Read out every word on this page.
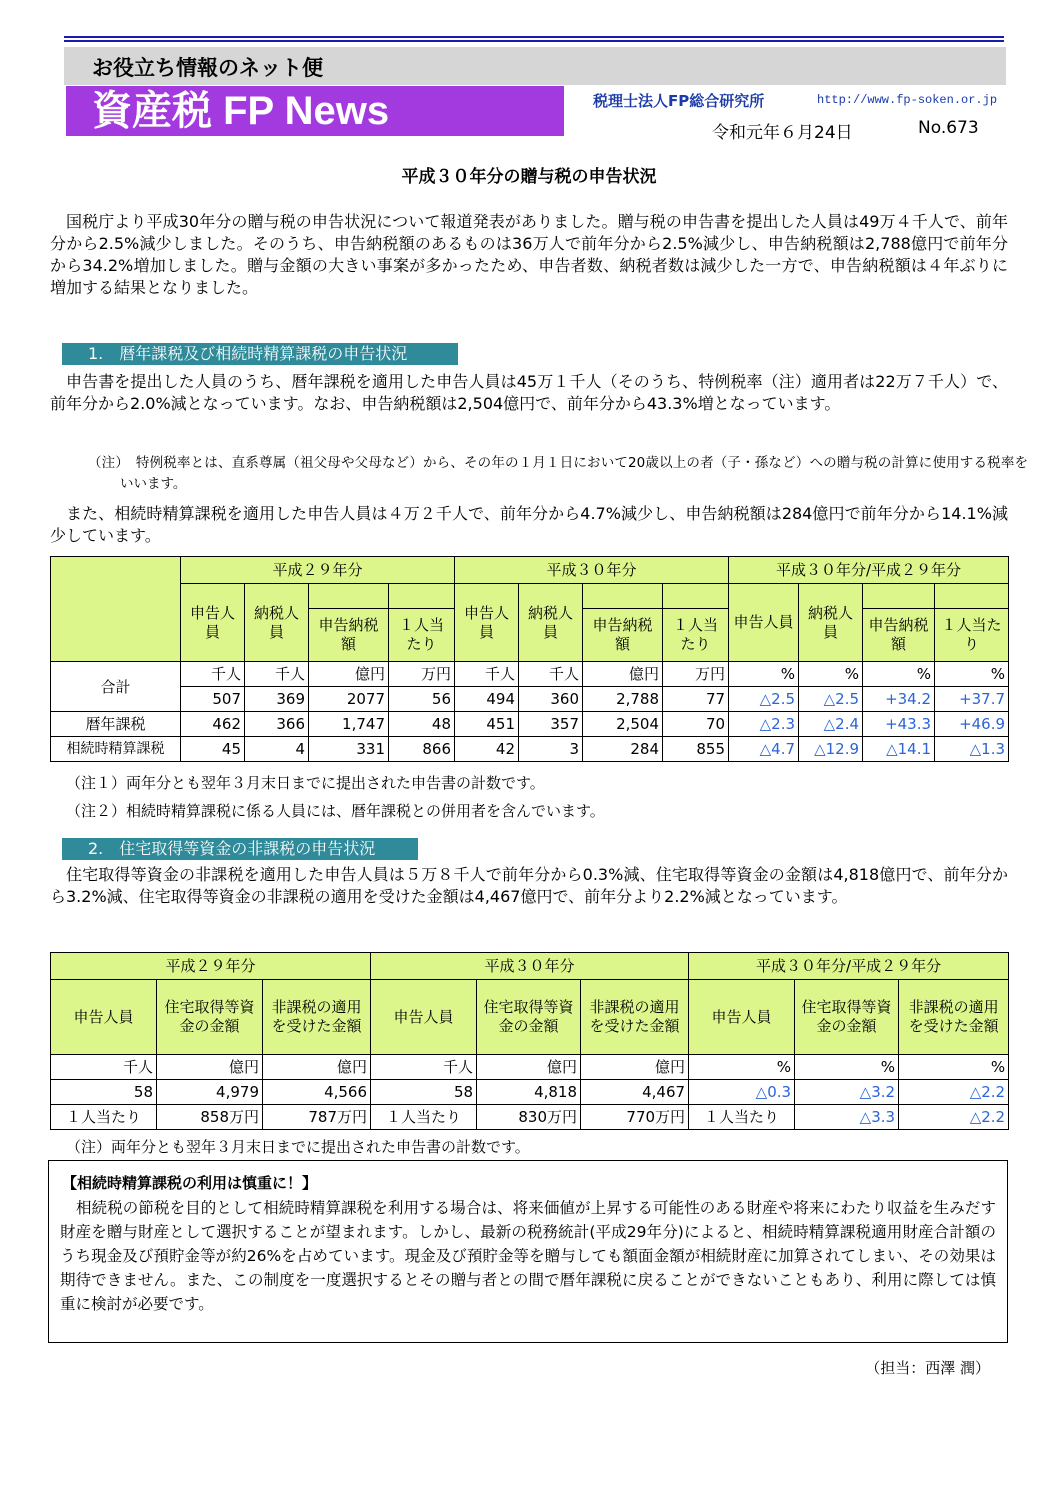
お役立ち情報のネット便
資産税 FP News	税理士法人FP総合研究所	http://www.fp-soken.or.jp
令和元年６月24日	No.673
平成３０年分の贈与税の申告状況
国税庁より平成30年分の贈与税の申告状況について報道発表がありました。贈与税の申告書を提出した人員は49万４千人で、前年分から2.5%減少しました。そのうち、申告納税額のあるものは36万人で前年分から2.5%減少し、申告納税額は2,788億円で前年分から34.2%増加しました。贈与金額の大きい事案が多かったため、申告者数、納税者数は減少した一方で、申告納税額は４年ぶりに増加する結果となりました。
1.　暦年課税及び相続時精算課税の申告状況
申告書を提出した人員のうち、暦年課税を適用した申告人員は45万１千人（そのうち、特例税率（注）適用者は22万７千人）で、前年分から2.0%減となっています。なお、申告納税額は2,504億円で、前年分から43.3%増となっています。
（注）　特例税率とは、直系尊属（祖父母や父母など）から、その年の１月１日において20歳以上の者（子・孫など）への贈与税の計算に使用する税率をいいます。
また、相続時精算課税を適用した申告人員は４万２千人で、前年分から4.7%減少し、申告納税額は284億円で前年分から14.1%減少しています。
	平成２９年分				平成３０年分				平成３０年分/平成２９年分			
	申告人員	納税人員			申告人員	納税人員			申告人員	納税人員		
			申告納税額	１人当たり			申告納税額	１人当たり			申告納税額	１人当たり
合計	千人	千人	億円	万円	千人	千人	億円	万円	%	%	%	%
	507	369	2077	56	494	360	2,788	77	△2.5	△2.5	+34.2	+37.7
暦年課税	462	366	1,747	48	451	357	2,504	70	△2.3	△2.4	+43.3	+46.9
相続時精算課税	45	4	331	866	42	3	284	855	△4.7	△12.9	△14.1	△1.3
（注１）両年分とも翌年３月末日までに提出された申告書の計数です。
（注２）相続時精算課税に係る人員には、暦年課税との併用者を含んでいます。
2.　住宅取得等資金の非課税の申告状況
住宅取得等資金の非課税を適用した申告人員は５万８千人で前年分から0.3%減、住宅取得等資金の金額は4,818億円で、前年分から3.2%減、住宅取得等資金の非課税の適用を受けた金額は4,467億円で、前年分より2.2%減となっています。
平成２９年分			平成３０年分			平成３０年分/平成２９年分		
申告人員	住宅取得等資金の金額	非課税の適用を受けた金額	申告人員	住宅取得等資金の金額	非課税の適用を受けた金額	申告人員	住宅取得等資金の金額	非課税の適用を受けた金額
千人	億円	億円	千人	億円	億円	%	%	%
58	4,979	4,566	58	4,818	4,467	△0.3	△3.2	△2.2
１人当たり	858万円	787万円	１人当たり	830万円	770万円	１人当たり	△3.3	△2.2
（注）両年分とも翌年３月末日までに提出された申告書の計数です。
【相続時精算課税の利用は慎重に！】
相続税の節税を目的として相続時精算課税を利用する場合は、将来価値が上昇する可能性のある財産や将来にわたり収益を生みだす財産を贈与財産として選択することが望まれます。しかし、最新の税務統計(平成29年分)によると、相続時精算課税適用財産合計額のうち現金及び預貯金等が約26%を占めています。現金及び預貯金等を贈与しても額面金額が相続財産に加算されてしまい、その効果は期待できません。また、この制度を一度選択するとその贈与者との間で暦年課税に戻ることができないこともあり、利用に際しては慎重に検討が必要です。
（担当：西澤 潤）
